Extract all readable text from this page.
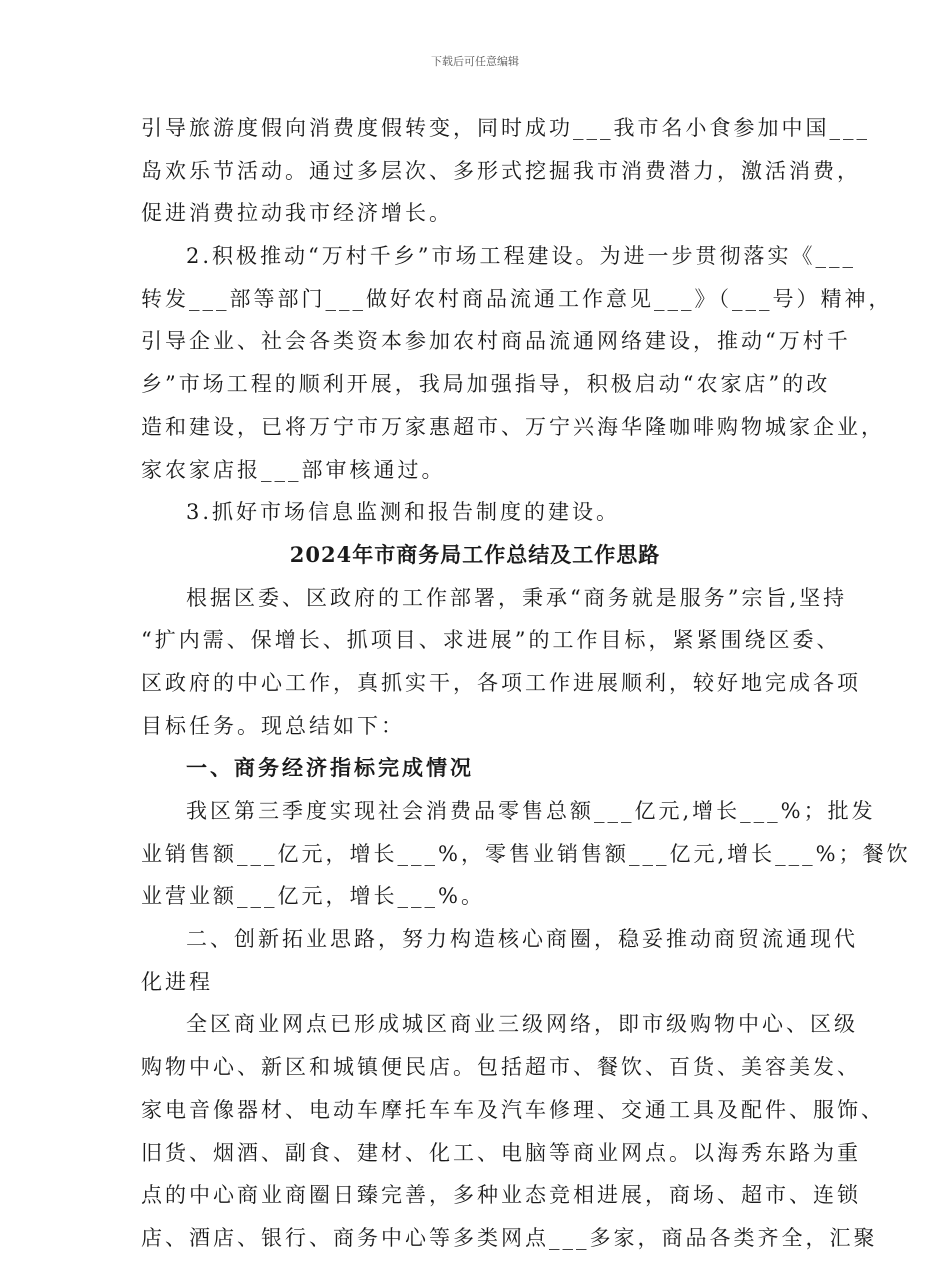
下载后可任意编辑
引导旅游度假向消费度假转变，同时成功___我市名小食参加中国___
岛欢乐节活动。通过多层次、多形式挖掘我市消费潜力，激活消费，
促进消费拉动我市经济增长。
2.积极推动“万村千乡”市场工程建设。为进一步贯彻落实《___
转发___部等部门___做好农村商品流通工作意见___》（___号）精神，
引导企业、社会各类资本参加农村商品流通网络建设，推动“万村千
乡”市场工程的顺利开展，我局加强指导，积极启动“农家店”的改
造和建设，已将万宁市万家惠超市、万宁兴海华隆咖啡购物城家企业，
家农家店报___部审核通过。
3.抓好市场信息监测和报告制度的建设。
2024年市商务局工作总结及工作思路
根据区委、区政府的工作部署，秉承“商务就是服务”宗旨,坚持
“扩内需、保增长、抓项目、求进展”的工作目标，紧紧围绕区委、
区政府的中心工作，真抓实干，各项工作进展顺利，较好地完成各项
目标任务。现总结如下：
一、商务经济指标完成情况
我区第三季度实现社会消费品零售总额___亿元,增长___%；批发
业销售额___亿元，增长___%，零售业销售额___亿元,增长___%；餐饮
业营业额___亿元，增长___%。
二、创新拓业思路，努力构造核心商圈，稳妥推动商贸流通现代
化进程
全区商业网点已形成城区商业三级网络，即市级购物中心、区级
购物中心、新区和城镇便民店。包括超市、餐饮、百货、美容美发、
家电音像器材、电动车摩托车车及汽车修理、交通工具及配件、服饰、
旧货、烟酒、副食、建材、化工、电脑等商业网点。以海秀东路为重
点的中心商业商圈日臻完善，多种业态竞相进展，商场、超市、连锁
店、酒店、银行、商务中心等多类网点___多家，商品各类齐全，汇聚
